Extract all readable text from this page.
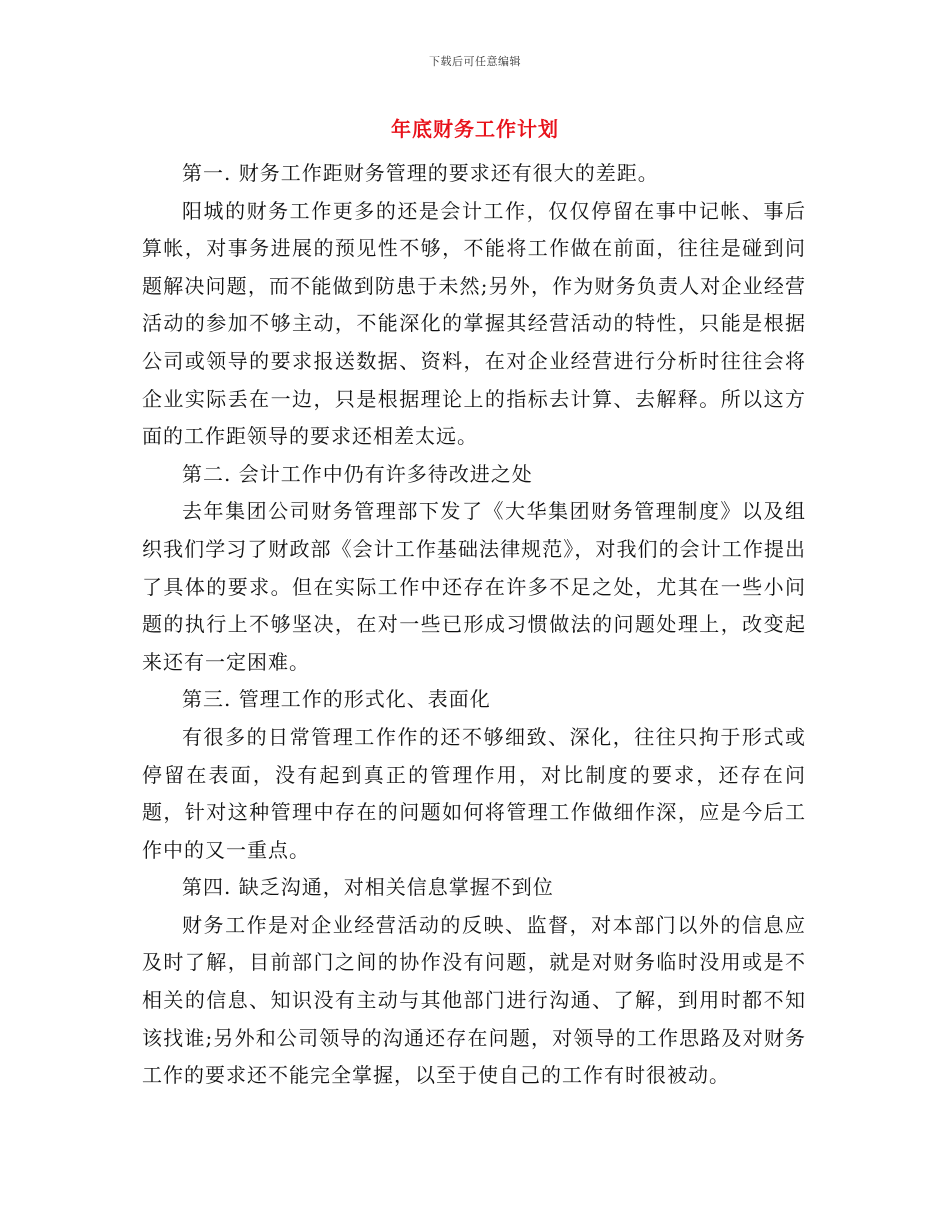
下载后可任意编辑
年底财务工作计划

第一. 财务工作距财务管理的要求还有很大的差距。

阳城的财务工作更多的还是会计工作，仅仅停留在事中记帐、事后算帐，对事务进展的预见性不够，不能将工作做在前面，往往是碰到问题解决问题，而不能做到防患于未然;另外，作为财务负责人对企业经营活动的参加不够主动，不能深化的掌握其经营活动的特性，只能是根据公司或领导的要求报送数据、资料，在对企业经营进行分析时往往会将企业实际丢在一边，只是根据理论上的指标去计算、去解释。所以这方面的工作距领导的要求还相差太远。

第二. 会计工作中仍有许多待改进之处

去年集团公司财务管理部下发了《大华集团财务管理制度》以及组织我们学习了财政部《会计工作基础法律规范》，对我们的会计工作提出了具体的要求。但在实际工作中还存在许多不足之处，尤其在一些小问题的执行上不够坚决，在对一些已形成习惯做法的问题处理上，改变起来还有一定困难。

第三. 管理工作的形式化、表面化

有很多的日常管理工作作的还不够细致、深化，往往只拘于形式或停留在表面，没有起到真正的管理作用，对比制度的要求，还存在问题，针对这种管理中存在的问题如何将管理工作做细作深，应是今后工作中的又一重点。

第四. 缺乏沟通，对相关信息掌握不到位

财务工作是对企业经营活动的反映、监督，对本部门以外的信息应及时了解，目前部门之间的协作没有问题，就是对财务临时没用或是不相关的信息、知识没有主动与其他部门进行沟通、了解，到用时都不知该找谁;另外和公司领导的沟通还存在问题，对领导的工作思路及对财务工作的要求还不能完全掌握，以至于使自己的工作有时很被动。
